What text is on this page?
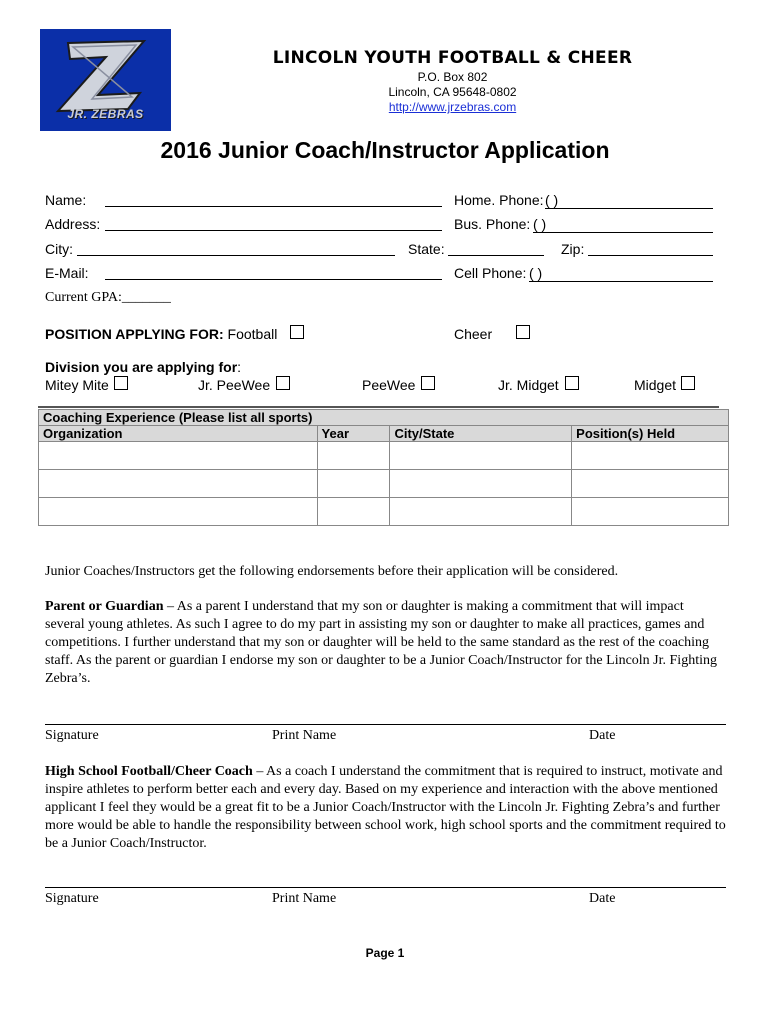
JR. ZEBRAS
LINCOLN YOUTH FOOTBALL & CHEER
P.O. Box 802
Lincoln, CA 95648-0802
http://www.jrzebras.com
2016 Junior Coach/Instructor Application
Name:	Home. Phone: ( )
Address:	Bus. Phone: ( )
City:	State:	Zip:
E-Mail:	Cell Phone: ( )
Current GPA:_______
POSITION APPLYING FOR: Football	Cheer
Division you are applying for:
Mitey Mite	Jr. PeeWee	PeeWee	Jr. Midget	Midget
Coaching Experience (Please list all sports)			
Organization	Year	City/State	Position(s) Held

Junior Coaches/Instructors get the following endorsements before their application will be considered.
Parent or Guardian – As a parent I understand that my son or daughter is making a commitment that will impact several young athletes. As such I agree to do my part in assisting my son or daughter to make all practices, games and competitions. I further understand that my son or daughter will be held to the same standard as the rest of the coaching staff. As the parent or guardian I endorse my son or daughter to be a Junior Coach/Instructor for the Lincoln Jr. Fighting Zebra’s.
Signature	Print Name	Date
High School Football/Cheer Coach – As a coach I understand the commitment that is required to instruct, motivate and inspire athletes to perform better each and every day. Based on my experience and interaction with the above mentioned applicant I feel they would be a great fit to be a Junior Coach/Instructor with the Lincoln Jr. Fighting Zebra’s and further more would be able to handle the responsibility between school work, high school sports and the commitment required to be a Junior Coach/Instructor.
Signature	Print Name	Date
Page 1
